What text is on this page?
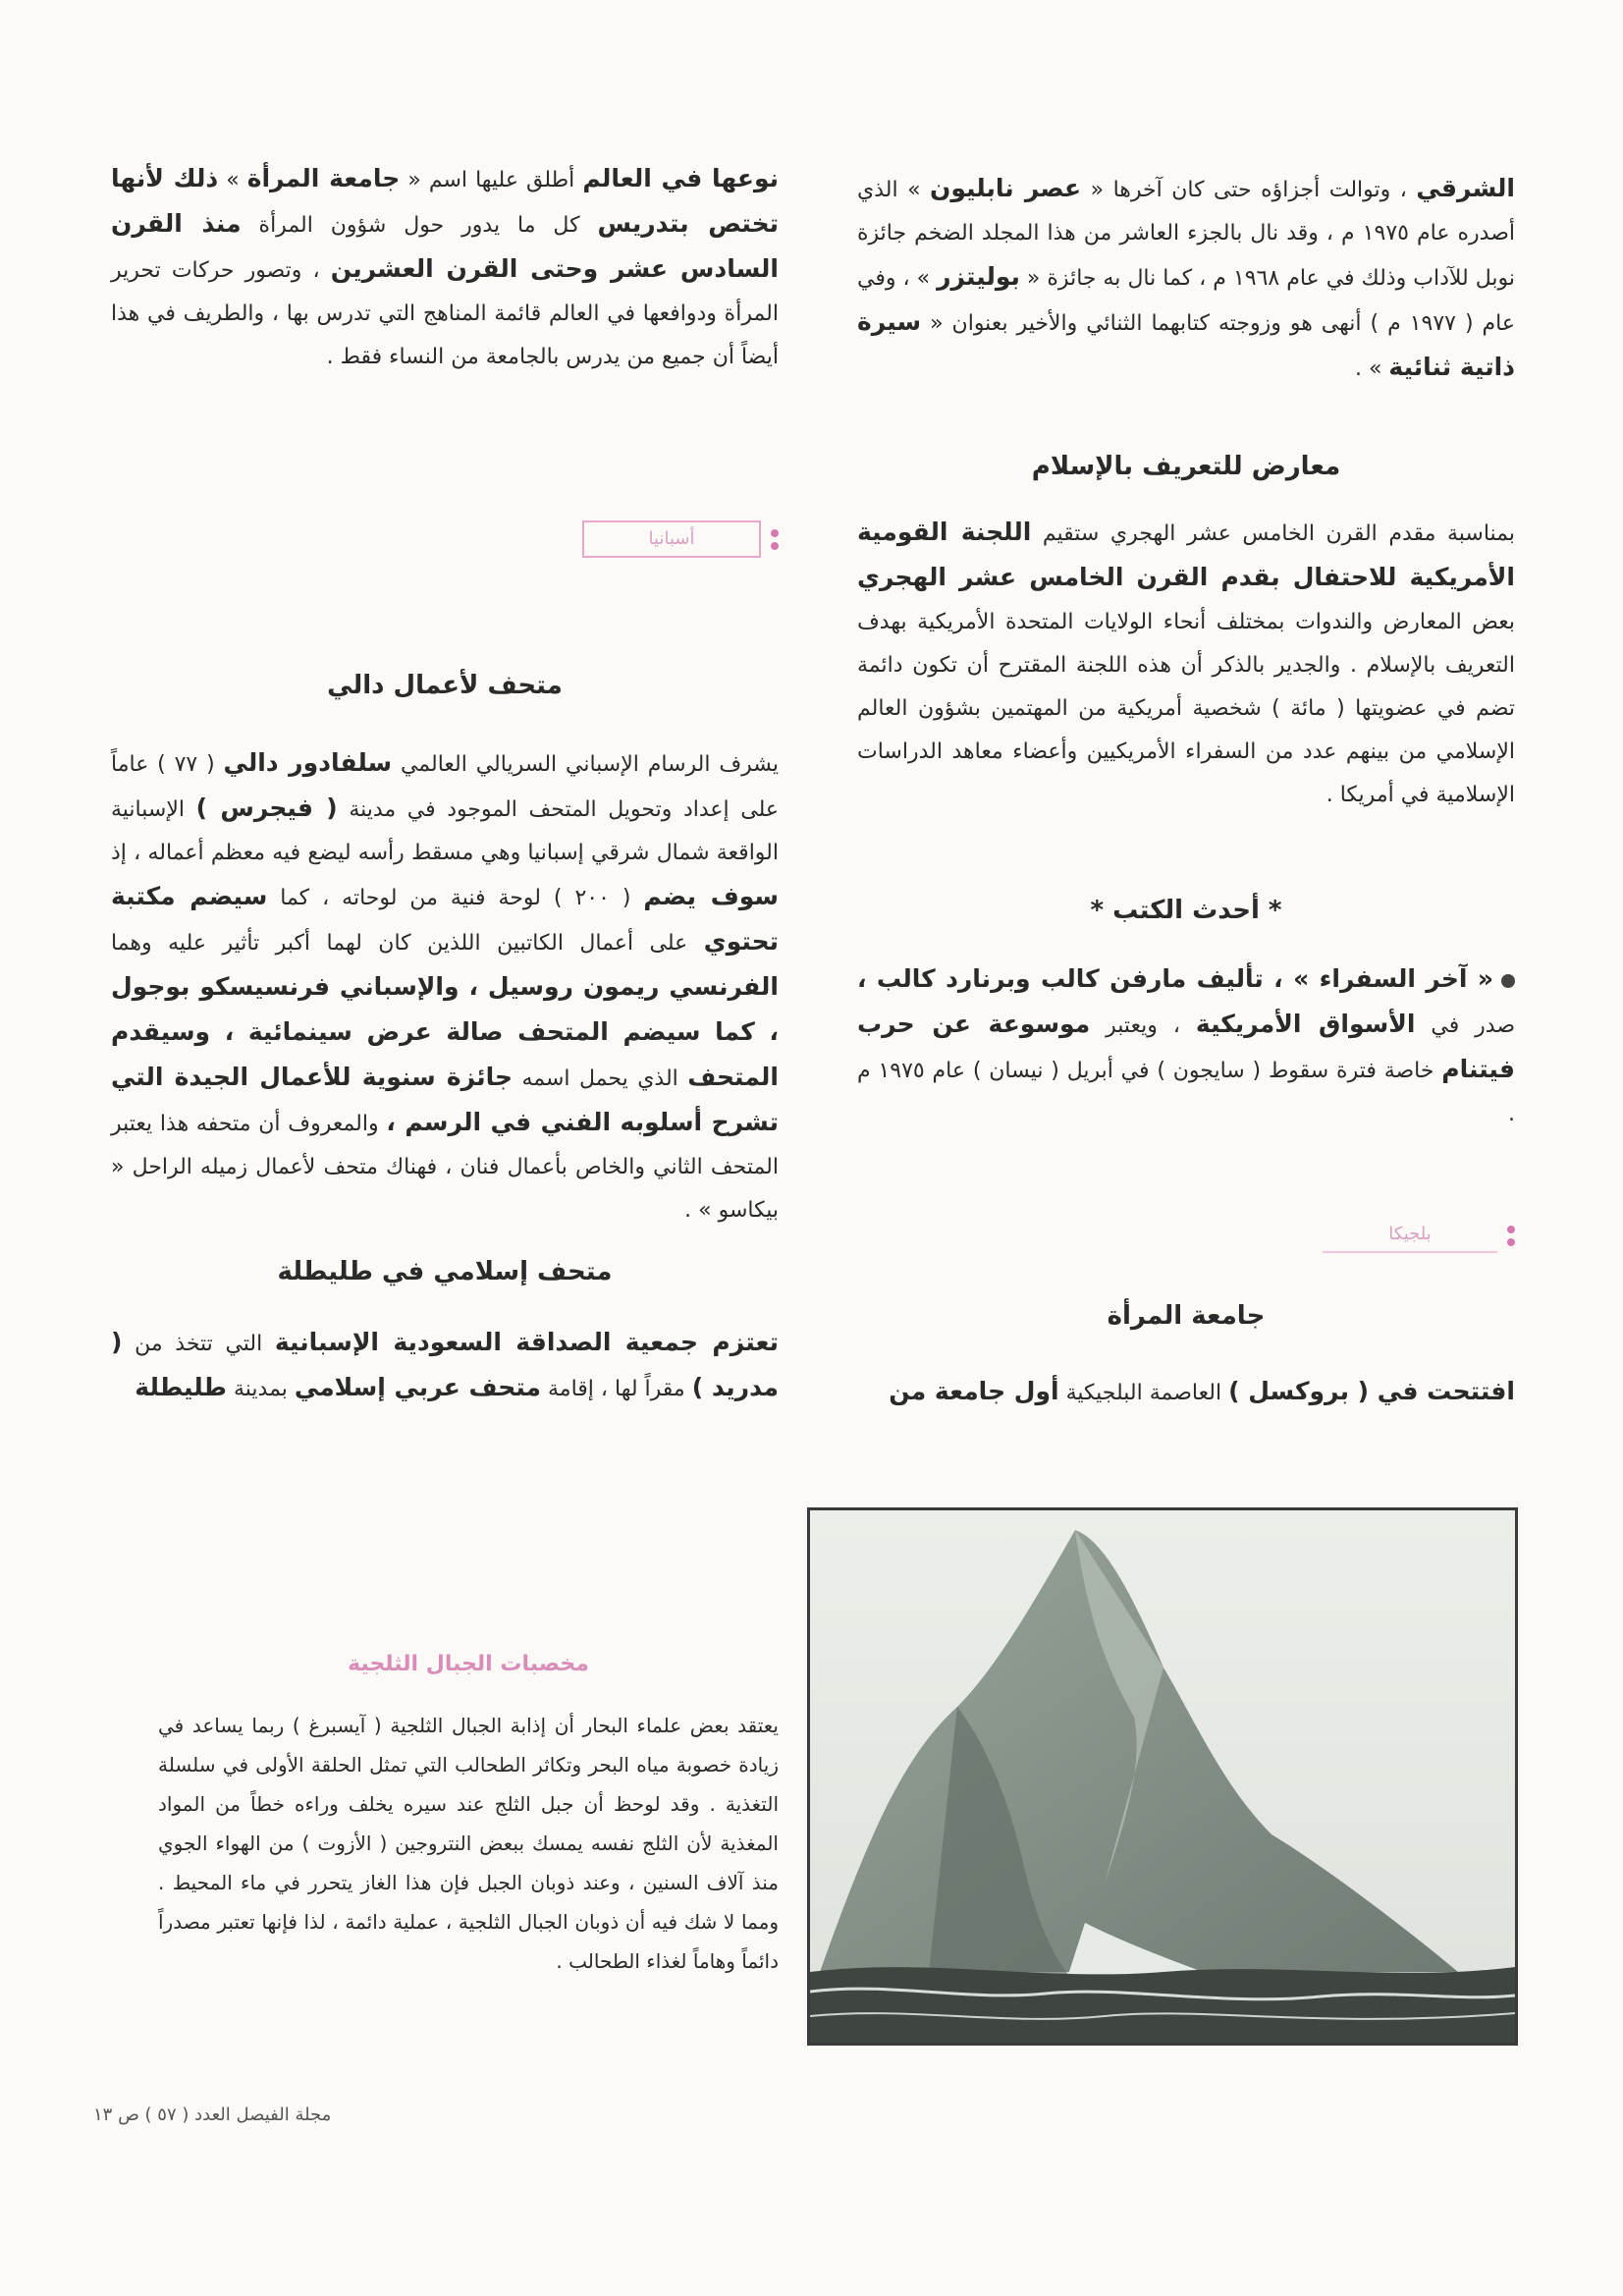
الشرقي ، وتوالت أجزاؤه حتى كان آخرها « عصر نابليون » الذي أصدره عام ١٩٧٥ م ، وقد نال بالجزء العاشر من هذا المجلد الضخم جائزة نوبل للآداب وذلك في عام ١٩٦٨ م ، كما نال به جائزة « بوليتزر » ، وفي عام ( ١٩٧٧ م ) أنهى هو وزوجته كتابهما الثنائي والأخير بعنوان « سيرة ذاتية ثنائية » .

معارض للتعريف بالإسلام

بمناسبة مقدم القرن الخامس عشر الهجري ستقيم اللجنة القومية الأمريكية للاحتفال بقدم القرن الخامس عشر الهجري بعض المعارض والندوات بمختلف أنحاء الولايات المتحدة الأمريكية بهدف التعريف بالإسلام . والجدير بالذكر أن هذه اللجنة المقترح أن تكون دائمة تضم في عضويتها ( مائة ) شخصية أمريكية من المهتمين بشؤون العالم الإسلامي من بينهم عدد من السفراء الأمريكيين وأعضاء معاهد الدراسات الإسلامية في أمريكا .

* أحدث الكتب *

« آخر السفراء » ، تأليف مارفن كالب وبرنارد كالب ، صدر في الأسواق الأمريكية ، ويعتبر موسوعة عن حرب فيتنام خاصة فترة سقوط ( سايجون ) في أبريل ( نيسان ) عام ١٩٧٥ م .

بلجيكا
جامعة المرأة

افتتحت في ( بروكسل ) العاصمة البلجيكية أول جامعة من

نوعها في العالم أطلق عليها اسم « جامعة المرأة » ذلك لأنها تختص بتدريس كل ما يدور حول شؤون المرأة منذ القرن السادس عشر وحتى القرن العشرين ، وتصور حركات تحرير المرأة ودوافعها في العالم قائمة المناهج التي تدرس بها ، والطريف في هذا أيضاً أن جميع من يدرس بالجامعة من النساء فقط .

أسبانيا
متحف لأعمال دالي

يشرف الرسام الإسباني السريالي العالمي سلفادور دالي ( ٧٧ ) عاماً على إعداد وتحويل المتحف الموجود في مدينة ( فيجرس ) الإسبانية الواقعة شمال شرقي إسبانيا وهي مسقط رأسه ليضع فيه معظم أعماله ، إذ سوف يضم ( ٢٠٠ ) لوحة فنية من لوحاته ، كما سيضم مكتبة تحتوي على أعمال الكاتبين اللذين كان لهما أكبر تأثير عليه وهما الفرنسي ريمون روسيل ، والإسباني فرنسيسكو بوجول ، كما سيضم المتحف صالة عرض سينمائية ، وسيقدم المتحف الذي يحمل اسمه جائزة سنوية للأعمال الجيدة التي تشرح أسلوبه الفني في الرسم ، والمعروف أن متحفه هذا يعتبر المتحف الثاني والخاص بأعمال فنان ، فهناك متحف لأعمال زميله الراحل « بيكاسو » .

متحف إسلامي في طليطلة

تعتزم جمعية الصداقة السعودية الإسبانية التي تتخذ من ( مدريد ) مقراً لها ، إقامة متحف عربي إسلامي بمدينة طليطلة

مخصبات الجبال الثلجية

يعتقد بعض علماء البحار أن إذابة الجبال الثلجية ( آيسبرغ ) ربما يساعد في زيادة خصوبة مياه البحر وتكاثر الطحالب التي تمثل الحلقة الأولى في سلسلة التغذية . وقد لوحظ أن جبل الثلج عند سيره يخلف وراءه خطاً من المواد المغذية لأن الثلج نفسه يمسك ببعض النتروجين ( الأزوت ) من الهواء الجوي منذ آلاف السنين ، وعند ذوبان الجبل فإن هذا الغاز يتحرر في ماء المحيط . ومما لا شك فيه أن ذوبان الجبال الثلجية ، عملية دائمة ، لذا فإنها تعتبر مصدراً دائماً وهاماً لغذاء الطحالب .

مجلة الفيصل العدد ( ٥٧ ) ص ١٣
